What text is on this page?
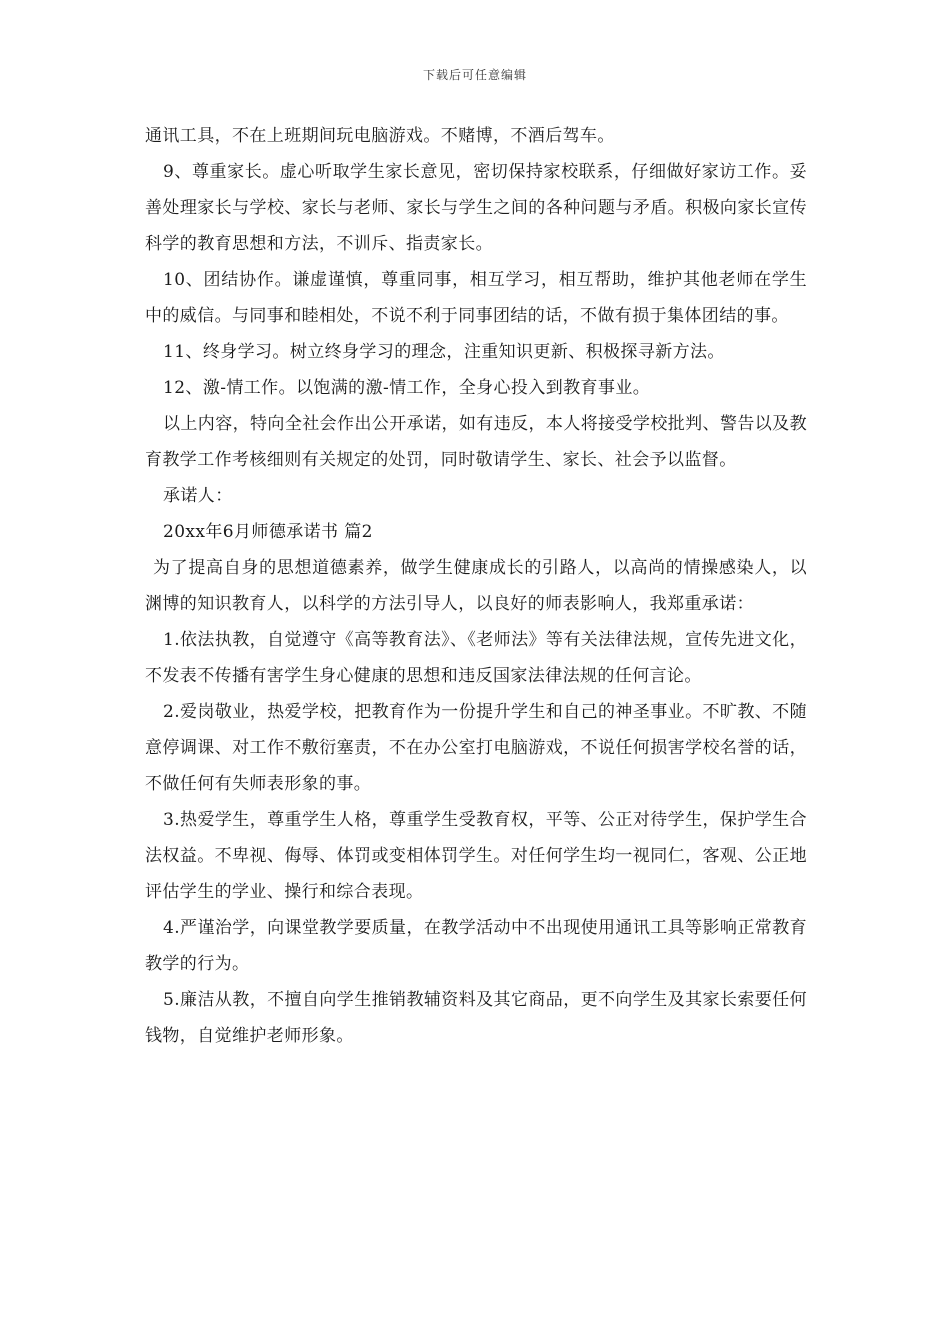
下载后可任意编辑

通讯工具，不在上班期间玩电脑游戏。不赌博，不酒后驾车。

9、尊重家长。虚心听取学生家长意见，密切保持家校联系，仔细做好家访工作。妥善处理家长与学校、家长与老师、家长与学生之间的各种问题与矛盾。积极向家长宣传科学的教育思想和方法，不训斥、指责家长。

10、团结协作。谦虚谨慎，尊重同事，相互学习，相互帮助，维护其他老师在学生中的威信。与同事和睦相处，不说不利于同事团结的话，不做有损于集体团结的事。

11、终身学习。树立终身学习的理念，注重知识更新、积极探寻新方法。

12、激-情工作。以饱满的激-情工作，全身心投入到教育事业。

以上内容，特向全社会作出公开承诺，如有违反，本人将接受学校批判、警告以及教育教学工作考核细则有关规定的处罚，同时敬请学生、家长、社会予以监督。

承诺人：

20xx年6月师德承诺书 篇2

为了提高自身的思想道德素养，做学生健康成长的引路人，以高尚的情操感染人，以渊博的知识教育人，以科学的方法引导人，以良好的师表影响人，我郑重承诺：

1.依法执教，自觉遵守《高等教育法》、《老师法》等有关法律法规，宣传先进文化，不发表不传播有害学生身心健康的思想和违反国家法律法规的任何言论。

2.爱岗敬业，热爱学校，把教育作为一份提升学生和自己的神圣事业。不旷教、不随意停调课、对工作不敷衍塞责，不在办公室打电脑游戏，不说任何损害学校名誉的话，不做任何有失师表形象的事。

3.热爱学生，尊重学生人格，尊重学生受教育权，平等、公正对待学生，保护学生合法权益。不卑视、侮辱、体罚或变相体罚学生。对任何学生均一视同仁，客观、公正地评估学生的学业、操行和综合表现。

4.严谨治学，向课堂教学要质量，在教学活动中不出现使用通讯工具等影响正常教育教学的行为。

5.廉洁从教，不擅自向学生推销教辅资料及其它商品，更不向学生及其家长索要任何钱物，自觉维护老师形象。
